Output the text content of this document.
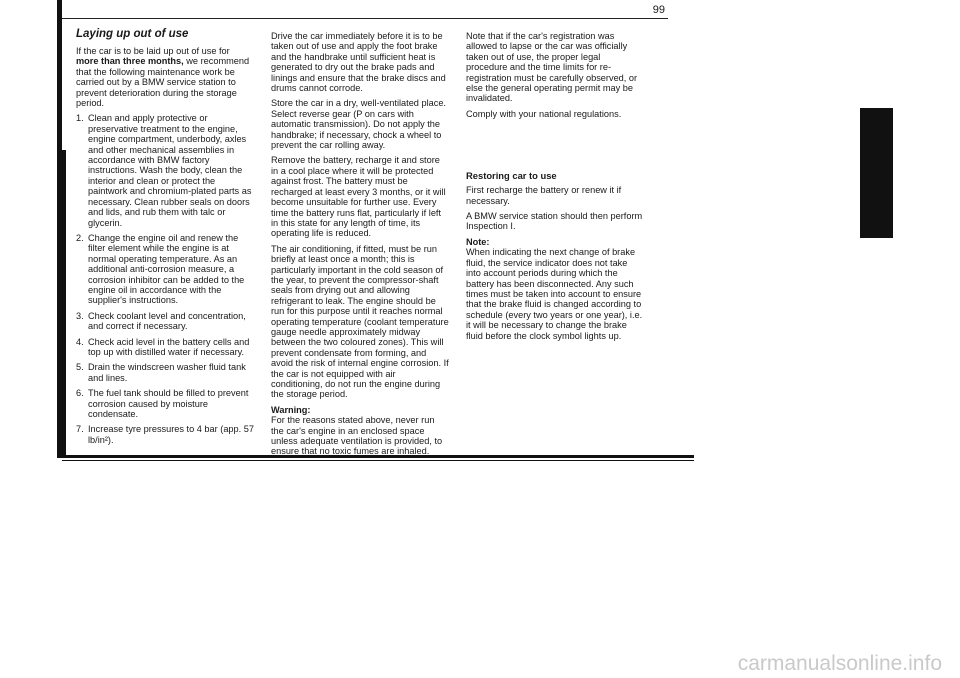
99
Laying up out of use

If the car is to be laid up out of use for more than three months, we recommend that the following maintenance work be carried out by a BMW service station to prevent deterioration during the storage period.

1. Clean and apply protective or preservative treatment to the engine, engine compartment, underbody, axles and other mechanical assemblies in accordance with BMW factory instructions. Wash the body, clean the interior and clean or protect the paintwork and chromium-plated parts as necessary. Clean rubber seals on doors and lids, and rub them with talc or glycerin.
2. Change the engine oil and renew the filter element while the engine is at normal operating temperature. As an additional anti-corrosion measure, a corrosion inhibitor can be added to the engine oil in accordance with the supplier's instructions.
3. Check coolant level and concentration, and correct if necessary.
4. Check acid level in the battery cells and top up with distilled water if necessary.
5. Drain the windscreen washer fluid tank and lines.
6. The fuel tank should be filled to prevent corrosion caused by moisture condensate.
7. Increase tyre pressures to 4 bar (app. 57 lb/in²).

Drive the car immediately before it is to be taken out of use and apply the foot brake and the handbrake until sufficient heat is generated to dry out the brake pads and linings and ensure that the brake discs and drums cannot corrode.

Store the car in a dry, well-ventilated place. Select reverse gear (P on cars with automatic transmission). Do not apply the handbrake; if necessary, chock a wheel to prevent the car rolling away.

Remove the battery, recharge it and store in a cool place where it will be protected against frost. The battery must be recharged at least every 3 months, or it will become unsuitable for further use. Every time the battery runs flat, particularly if left in this state for any length of time, its operating life is reduced.

The air conditioning, if fitted, must be run briefly at least once a month; this is particularly important in the cold season of the year, to prevent the compressor-shaft seals from drying out and allowing refrigerant to leak. The engine should be run for this purpose until it reaches normal operating temperature (coolant temperature gauge needle approximately midway between the two coloured zones). This will prevent condensate from forming, and avoid the risk of internal engine corrosion. If the car is not equipped with air conditioning, do not run the engine during the storage period.

Warning:
For the reasons stated above, never run the car's engine in an enclosed space unless adequate ventilation is provided, to ensure that no toxic fumes are inhaled.

Note that if the car's registration was allowed to lapse or the car was officially taken out of use, the proper legal procedure and the time limits for re-registration must be carefully observed, or else the general operating permit may be invalidated.

Comply with your national regulations.

Restoring car to use

First recharge the battery or renew it if necessary.

A BMW service station should then perform Inspection I.

Note:
When indicating the next change of brake fluid, the service indicator does not take into account periods during which the battery has been disconnected. Any such times must be taken into account to ensure that the brake fluid is changed according to schedule (every two years or one year), i.e. it will be necessary to change the brake fluid before the clock symbol lights up.

carmanualsonline.info
